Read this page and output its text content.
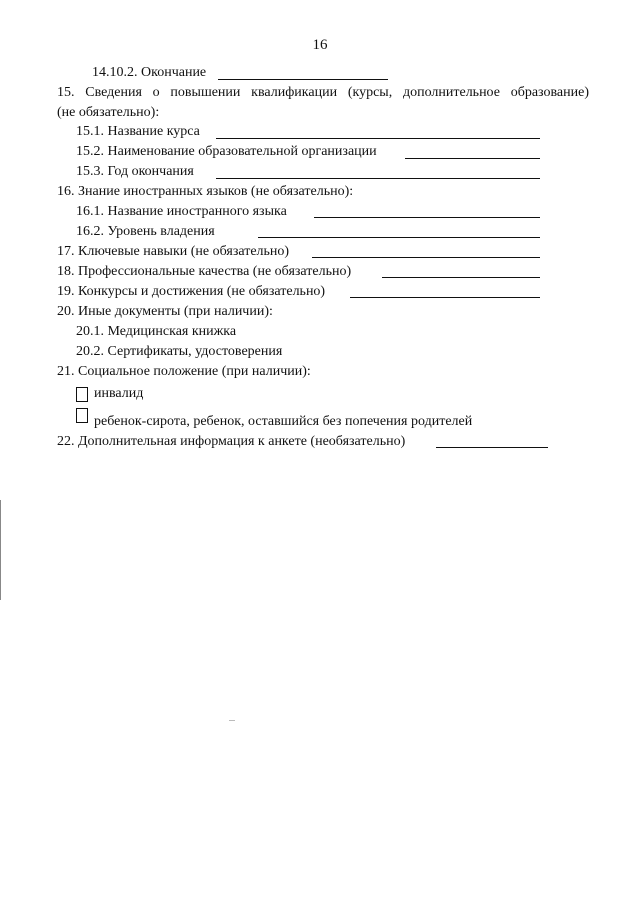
16
14.10.2. Окончание
15. Сведения о повышении квалификации (курсы, дополнительное образование)
(не обязательно):
15.1. Название курса
15.2. Наименование образовательной организации
15.3. Год окончания
16. Знание иностранных языков (не обязательно):
16.1. Название иностранного языка
16.2. Уровень владения
17. Ключевые навыки (не обязательно)
18. Профессиональные качества (не обязательно)
19. Конкурсы и достижения (не обязательно)
20. Иные документы (при наличии):
20.1. Медицинская книжка
20.2. Сертификаты, удостоверения
21. Социальное положение (при наличии):
инвалид
ребенок-сирота, ребенок, оставшийся без попечения родителей
22. Дополнительная информация к анкете (необязательно)
